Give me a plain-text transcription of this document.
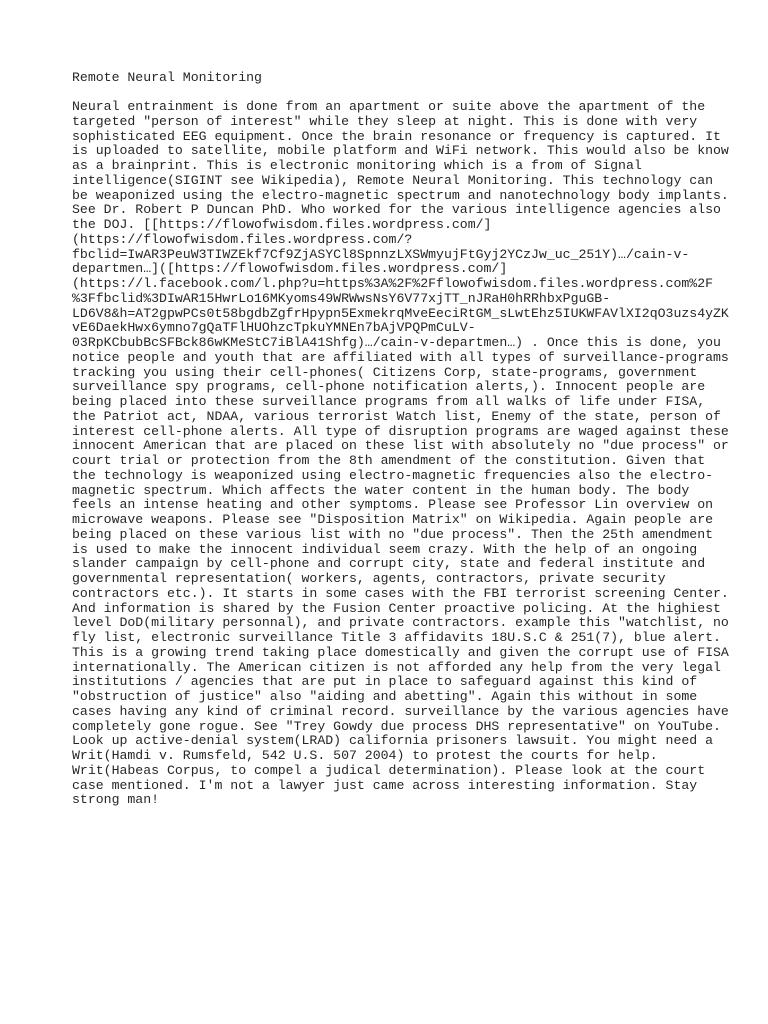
Remote Neural Monitoring
Neural entrainment is done from an apartment or suite above the apartment of the
targeted "person of interest" while they sleep at night. This is done with very
sophisticated EEG equipment. Once the brain resonance or frequency is captured. It
is uploaded to satellite, mobile platform and WiFi network. This would also be know
as a brainprint. This is electronic monitoring which is a from of Signal
intelligence(SIGINT see Wikipedia), Remote Neural Monitoring. This technology can
be weaponized using the electro-magnetic spectrum and nanotechnology body implants.
See Dr. Robert P Duncan PhD. Who worked for the various intelligence agencies also
the DOJ. [[https://flowofwisdom.files.wordpress.com/]
(https://flowofwisdom.files.wordpress.com/?
fbclid=IwAR3PeuW3TIWZEkf7Cf9ZjASYCl8SpnnzLXSWmyujFtGyj2YCzJw_uc_251Y)…/cain-v-
departmen…]([https://flowofwisdom.files.wordpress.com/]
(https://l.facebook.com/l.php?u=https%3A%2F%2Fflowofwisdom.files.wordpress.com%2F
%3Ffbclid%3DIwAR15HwrLo16MKyoms49WRWwsNsY6V77xjTT_nJRaH0hRRhbxPguGB-
LD6V8&h=AT2gpwPCs0t58bgdbZgfrHpypn5ExmekrqMveEeciRtGM_sLwtEhz5IUKWFAVlXI2qO3uzs4yZK
vE6DaekHwx6ymno7gQaTFlHUOhzcTpkuYMNEn7bAjVPQPmCuLV-
03RpKCbubBcSFBck86wKMeStC7iBlA41Shfg)…/cain-v-departmen…) . Once this is done, you
notice people and youth that are affiliated with all types of surveillance-programs
tracking you using their cell-phones( Citizens Corp, state-programs, government
surveillance spy programs, cell-phone notification alerts,). Innocent people are
being placed into these surveillance programs from all walks of life under FISA,
the Patriot act, NDAA, various terrorist Watch list, Enemy of the state, person of
interest cell-phone alerts. All type of disruption programs are waged against these
innocent American that are placed on these list with absolutely no "due process" or
court trial or protection from the 8th amendment of the constitution. Given that
the technology is weaponized using electro-magnetic frequencies also the electro-
magnetic spectrum. Which affects the water content in the human body. The body
feels an intense heating and other symptoms. Please see Professor Lin overview on
microwave weapons. Please see "Disposition Matrix" on Wikipedia. Again people are
being placed on these various list with no "due process". Then the 25th amendment
is used to make the innocent individual seem crazy. With the help of an ongoing
slander campaign by cell-phone and corrupt city, state and federal institute and
governmental representation( workers, agents, contractors, private security
contractors etc.). It starts in some cases with the FBI terrorist screening Center.
And information is shared by the Fusion Center proactive policing. At the highiest
level DoD(military personnal), and private contractors. example this "watchlist, no
fly list, electronic surveillance Title 3 affidavits 18U.S.C & 251(7), blue alert.
This is a growing trend taking place domestically and given the corrupt use of FISA
internationally. The American citizen is not afforded any help from the very legal
institutions / agencies that are put in place to safeguard against this kind of
"obstruction of justice" also "aiding and abetting". Again this without in some
cases having any kind of criminal record. surveillance by the various agencies have
completely gone rogue. See "Trey Gowdy due process DHS representative" on YouTube.
Look up active-denial system(LRAD) california prisoners lawsuit. You might need a
Writ(Hamdi v. Rumsfeld, 542 U.S. 507 2004) to protest the courts for help.
Writ(Habeas Corpus, to compel a judical determination). Please look at the court
case mentioned. I'm not a lawyer just came across interesting information. Stay
strong man!
